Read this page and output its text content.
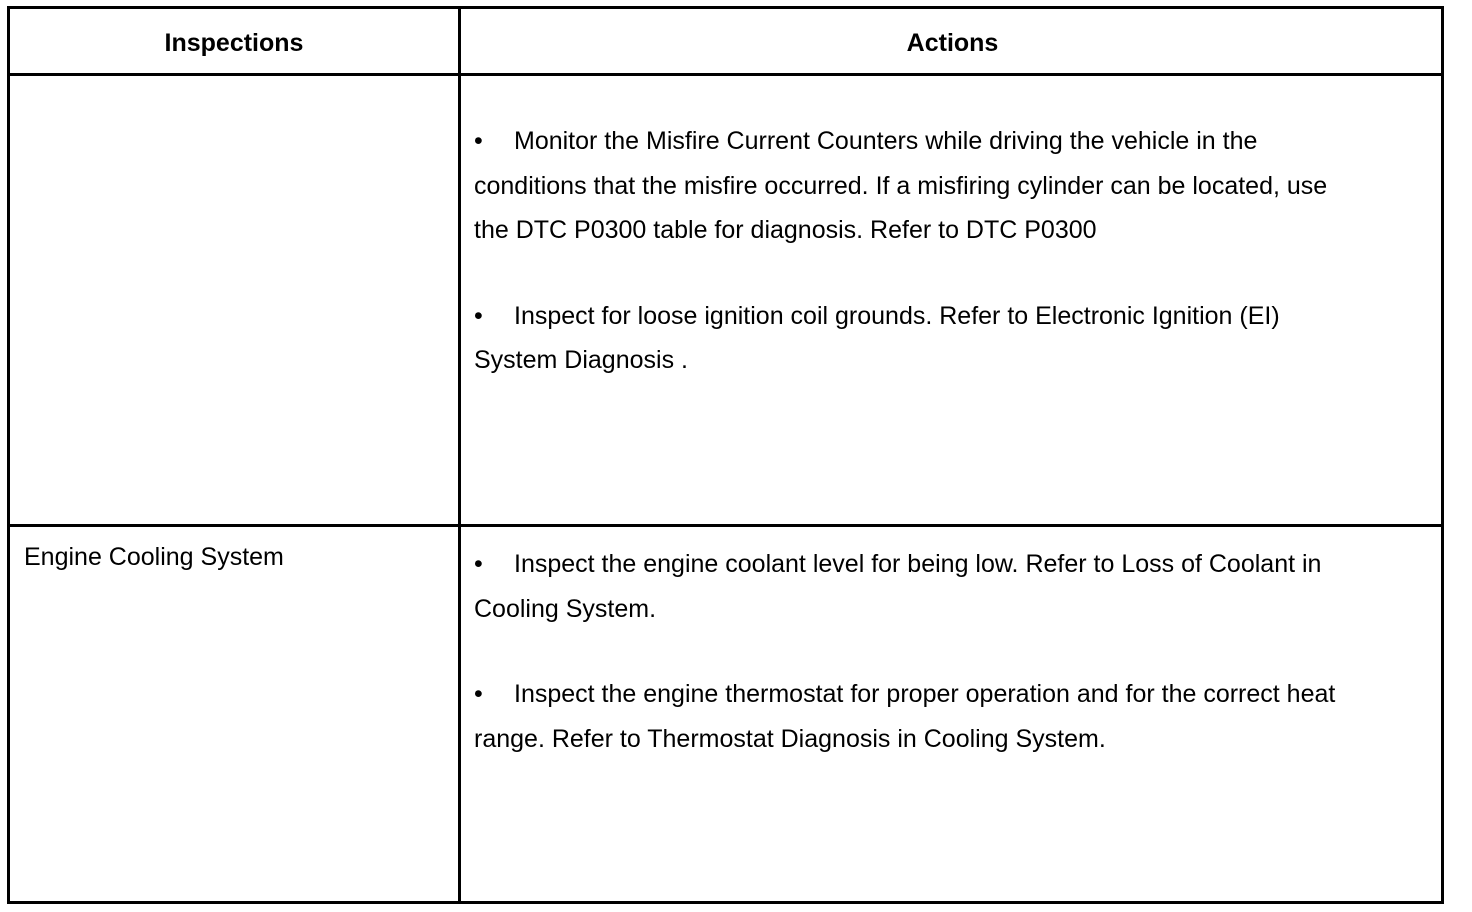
Inspections	Actions
• Monitor the Misfire Current Counters while driving the vehicle in the conditions that the misfire occurred. If a misfiring cylinder can be located, use the DTC P0300 table for diagnosis. Refer to DTC P0300
• Inspect for loose ignition coil grounds. Refer to Electronic Ignition (EI) System Diagnosis .
Engine Cooling System	• Inspect the engine coolant level for being low. Refer to Loss of Coolant in Cooling System.
• Inspect the engine thermostat for proper operation and for the correct heat range. Refer to Thermostat Diagnosis in Cooling System.
